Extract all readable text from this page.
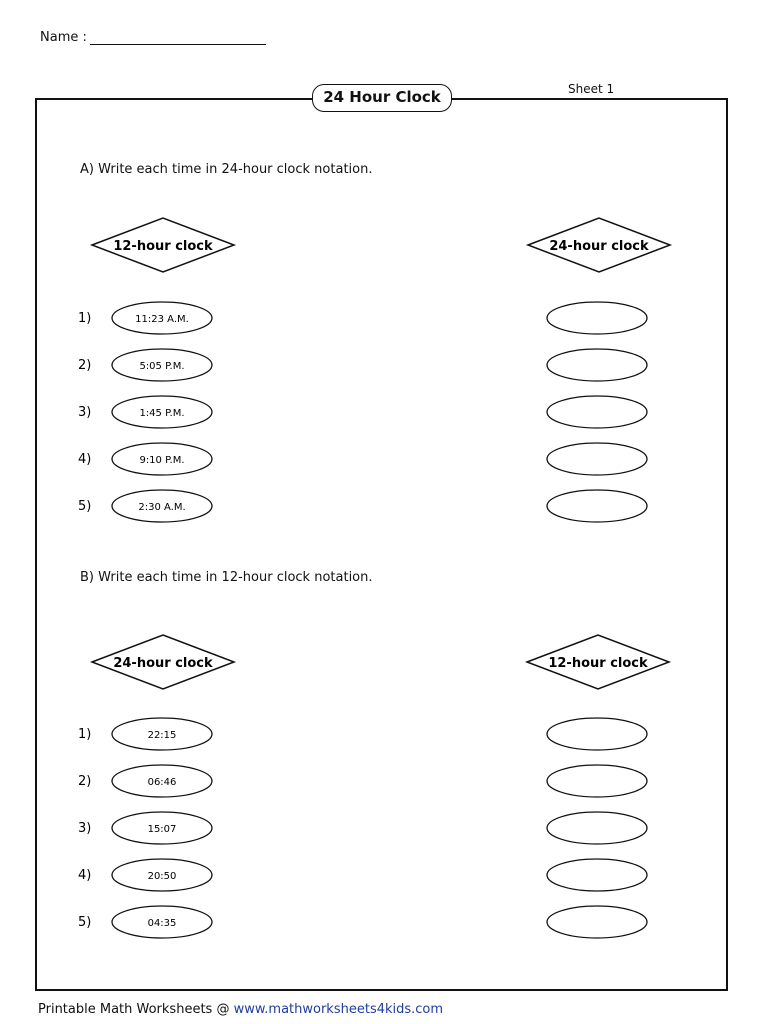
Name :
Sheet 1
24 Hour Clock
A) Write each time in 24-hour clock notation.
B) Write each time in 12-hour clock notation.
12-hour clock	24-hour clock
1)	11:23 A.M.
2)	5:05 P.M.
3)	1:45 P.M.
4)	9:10 P.M.
5)	2:30 A.M.
24-hour clock	12-hour clock
1)	22:15
2)	06:46
3)	15:07
4)	20:50
5)	04:35
Printable Math Worksheets @ www.mathworksheets4kids.com
